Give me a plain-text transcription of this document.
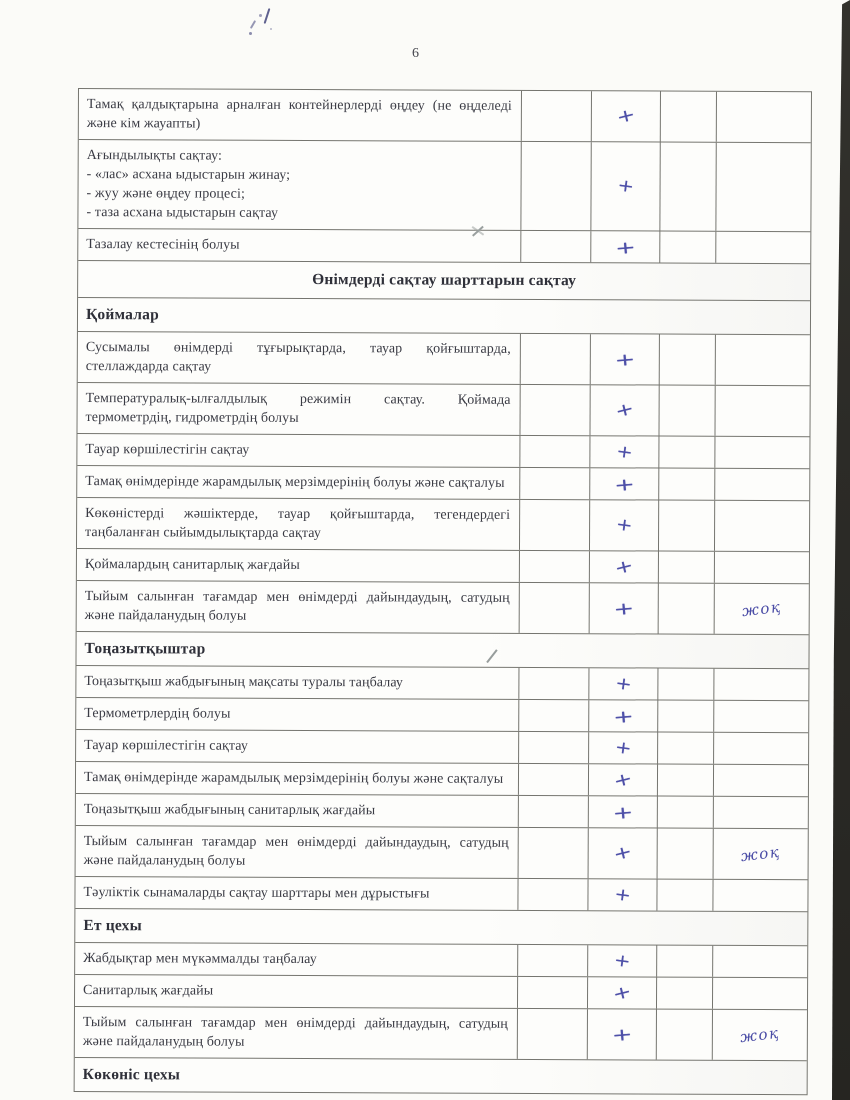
6
Тамақ қалдықтарына арналған контейнерлерді өңдеу (не өңделеді және кім жауапты)	+
Ағындылықты сақтау:
- «лас» асхана ыдыстарын жинау;
- жуу және өңдеу процесі;
- таза асхана ыдыстарын сақтау
+
Тазалау кестесінің болуы	+
Өнімдерді сақтау шарттарын сақтау
Қоймалар
Сусымалы өнімдерді тұғырықтарда, тауар қойғыштарда, стеллаждарда сақтау	+
Температуралық-ылғалдылық режимін сақтау. Қоймада термометрдің, гидрометрдің болуы	+
Тауар көршілестігін сақтау	+
Тамақ өнімдерінде жарамдылық мерзімдерінің болуы және сақталуы	+
Көкөністерді жәшіктерде, тауар қойғыштарда, тегендердегі таңбаланған сыйымдылықтарда сақтау	+
Қоймалардың санитарлық жағдайы	+
Тыйым салынған тағамдар мен өнімдерді дайындаудың, сатудың және пайдаланудың болуы	+	жоқ
Тоңазытқыштар
Тоңазытқыш жабдығының мақсаты туралы таңбалау	+
Термометрлердің болуы	+
Тауар көршілестігін сақтау	+
Тамақ өнімдерінде жарамдылық мерзімдерінің болуы және сақталуы	+
Тоңазытқыш жабдығының санитарлық жағдайы	+
Тыйым салынған тағамдар мен өнімдерді дайындаудың, сатудың және пайдаланудың болуы	+	жоқ
Тәуліктік сынамаларды сақтау шарттары мен дұрыстығы	+
Ет цехы
Жабдықтар мен мүкәммалды таңбалау	+
Санитарлық жағдайы	+
Тыйым салынған тағамдар мен өнімдерді дайындаудың, сатудың және пайдаланудың болуы	+	жоқ
Көкөніс цехы
